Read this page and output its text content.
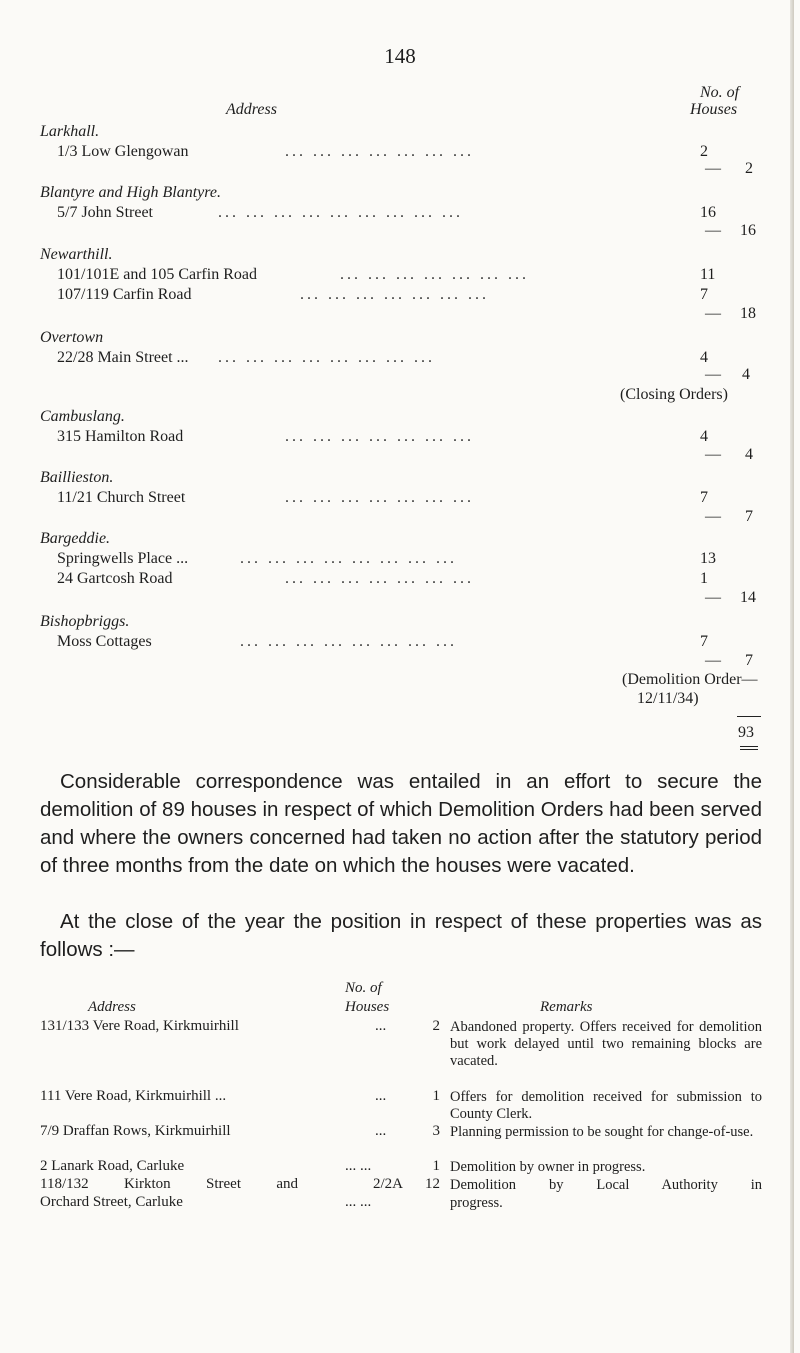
148
No. of
Address	Houses
Larkhall.
1/3 Low Glengowan	... ... ... ... ... ... ...	2
— 2
Blantyre and High Blantyre.
5/7 John Street	... ... ... ... ... ... ... ... ...	16
— 16
Newarthill.
101/101E and 105 Carfin Road	... ... ... ... ... ... ...	11
107/119 Carfin Road	... ... ... ... ... ... ...	7
— 18
Overtown
22/28 Main Street ... ... ... ... ... ... ... ... ...	4
— 4
(Closing Orders)
Cambuslang.
315 Hamilton Road	... ... ... ... ... ... ...	4
— 4
Baillieston.
11/21 Church Street	... ... ... ... ... ... ...	7
— 7
Bargeddie.
Springwells Place ...	... ... ... ... ... ... ... ...	13
24 Gartcosh Road	... ... ... ... ... ... ...	1
— 14
Bishopbriggs.
Moss Cottages	... ... ... ... ... ... ... ...	7
— 7
(Demolition Order—
12/11/34)
93
Considerable correspondence was entailed in an effort to secure the demolition of 89 houses in respect of which Demolition Orders had been served and where the owners concerned had taken no action after the statutory period of three months from the date on which the houses were vacated.
At the close of the year the position in respect of these properties was as follows :—
No. of
Address	Houses	Remarks
131/133 Vere Road, Kirkmuirhill	...	2 Abandoned property. Offers received for demolition but work delayed until two remaining blocks are vacated.
111 Vere Road, Kirkmuirhill ...	...	1 Offers for demolition received for submission to County Clerk.
7/9 Draffan Rows, Kirkmuirhill	...	3 Planning permission to be sought for change-of-use.
2 Lanark Road, Carluke	... ...	1 Demolition by owner in progress.
118/132 Kirkton Street and	2/2A	12 Demolition by Local Authority in
Orchard Street, Carluke	... ...	progress.
